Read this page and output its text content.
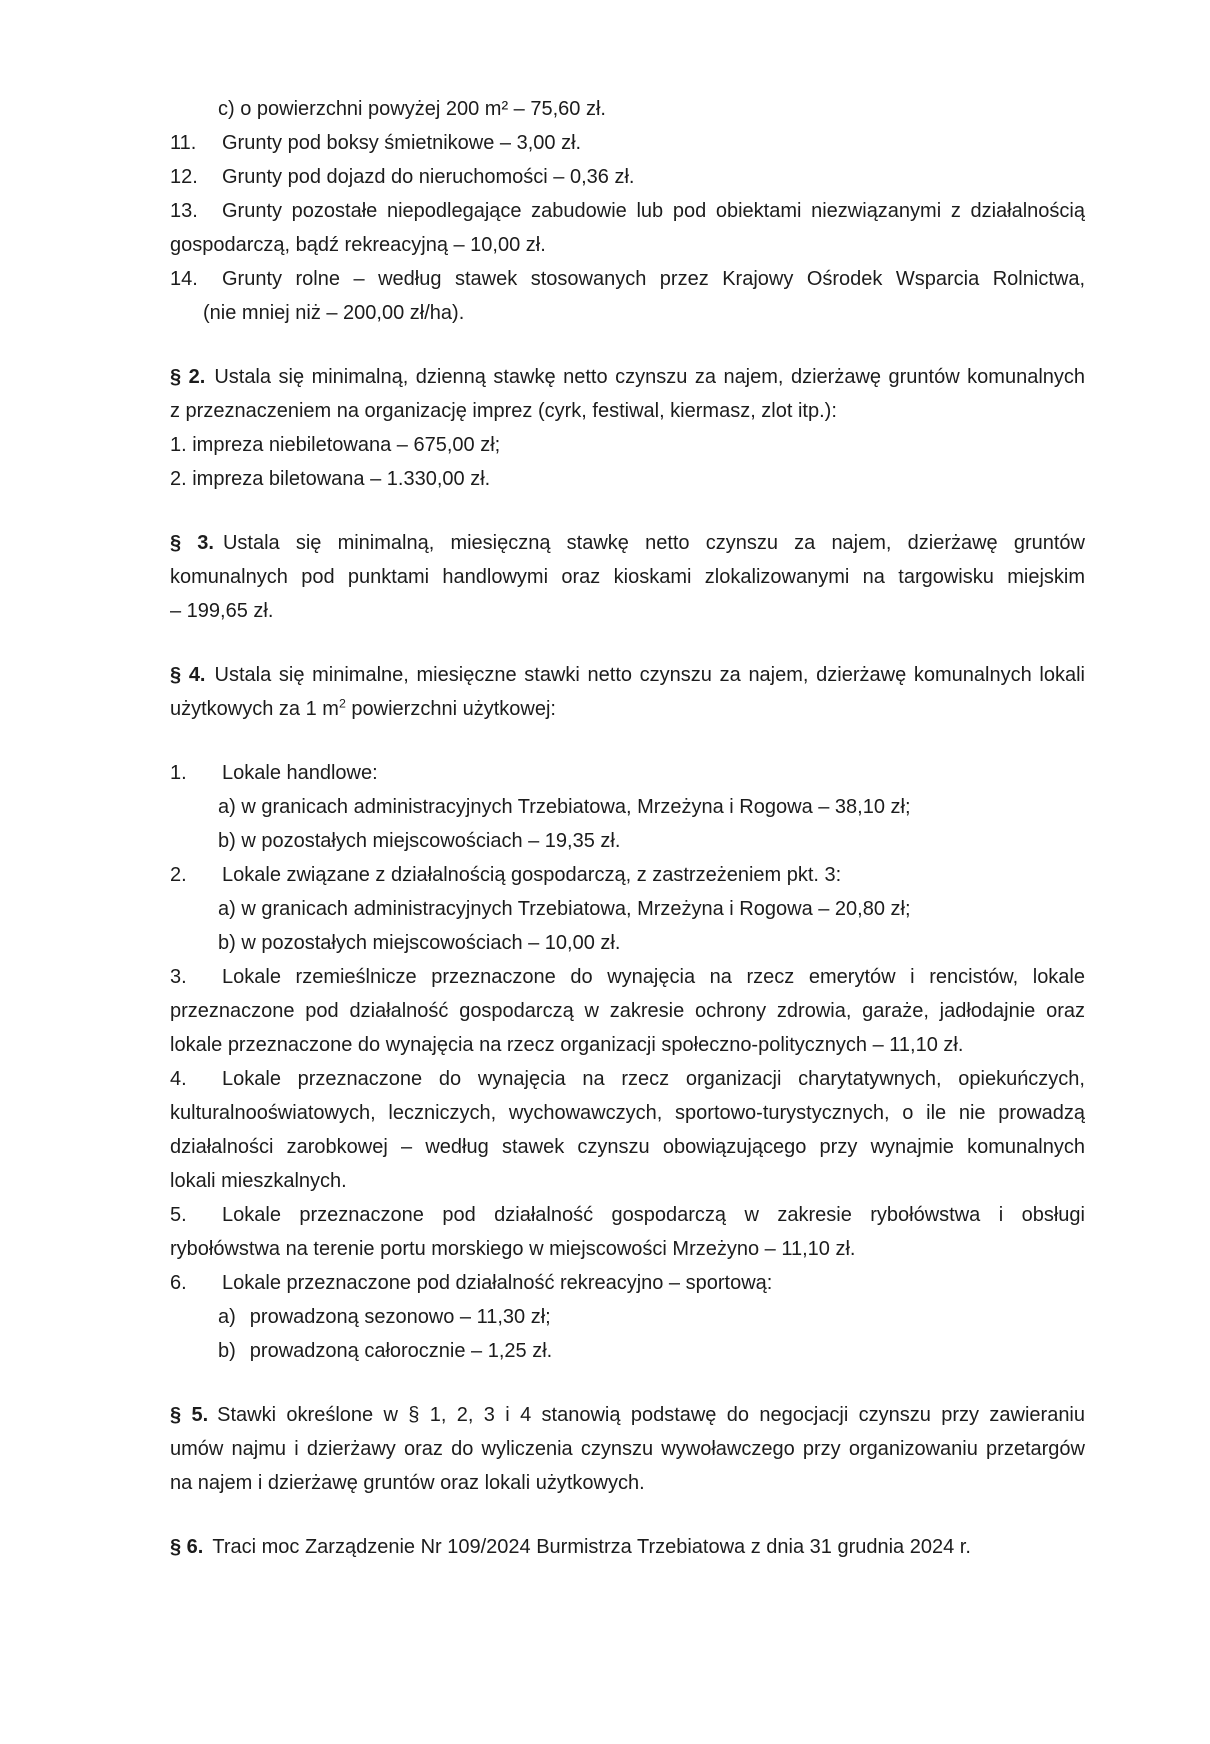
c) o powierzchni powyżej 200 m² – 75,60 zł.
11. Grunty pod boksy śmietnikowe – 3,00 zł.
12. Grunty pod dojazd do nieruchomości – 0,36 zł.
13. Grunty pozostałe niepodlegające zabudowie lub pod obiektami niezwiązanymi z działalnością
gospodarczą, bądź rekreacyjną – 10,00 zł.
14. Grunty rolne – według stawek stosowanych przez Krajowy Ośrodek Wsparcia Rolnictwa,
(nie mniej niż – 200,00 zł/ha).
§ 2. Ustala się minimalną, dzienną stawkę netto czynszu za najem, dzierżawę gruntów komunalnych
z przeznaczeniem na organizację imprez (cyrk, festiwal, kiermasz, zlot itp.):
1. impreza niebiletowana – 675,00 zł;
2. impreza biletowana – 1.330,00 zł.
§ 3. Ustala się minimalną, miesięczną stawkę netto czynszu za najem, dzierżawę gruntów
komunalnych pod punktami handlowymi oraz kioskami zlokalizowanymi na targowisku miejskim
– 199,65 zł.
§ 4. Ustala się minimalne, miesięczne stawki netto czynszu za najem, dzierżawę komunalnych lokali
użytkowych za 1 $m^2$ powierzchni użytkowej:
1. Lokale handlowe:
a) w granicach administracyjnych Trzebiatowa, Mrzeżyna i Rogowa – 38,10 zł;
b) w pozostałych miejscowościach – 19,35 zł.
2. Lokale związane z działalnością gospodarczą, z zastrzeżeniem pkt. 3:
a) w granicach administracyjnych Trzebiatowa, Mrzeżyna i Rogowa – 20,80 zł;
b) w pozostałych miejscowościach – 10,00 zł.
3. Lokale rzemieślnicze przeznaczone do wynajęcia na rzecz emerytów i rencistów, lokale
przeznaczone pod działalność gospodarczą w zakresie ochrony zdrowia, garaże, jadłodajnie oraz
lokale przeznaczone do wynajęcia na rzecz organizacji społeczno-politycznych – 11,10 zł.
4. Lokale przeznaczone do wynajęcia na rzecz organizacji charytatywnych, opiekuńczych,
kulturalnooświatowych, leczniczych, wychowawczych, sportowo-turystycznych, o ile nie prowadzą
działalności zarobkowej – według stawek czynszu obowiązującego przy wynajmie komunalnych
lokali mieszkalnych.
5. Lokale przeznaczone pod działalność gospodarczą w zakresie rybołówstwa i obsługi
rybołówstwa na terenie portu morskiego w miejscowości Mrzeżyno – 11,10 zł.
6. Lokale przeznaczone pod działalność rekreacyjno – sportową:
a) prowadzoną sezonowo – 11,30 zł;
b) prowadzoną całorocznie – 1,25 zł.
§ 5. Stawki określone w § 1, 2, 3 i 4 stanowią podstawę do negocjacji czynszu przy zawieraniu
umów najmu i dzierżawy oraz do wyliczenia czynszu wywoławczego przy organizowaniu przetargów
na najem i dzierżawę gruntów oraz lokali użytkowych.
§ 6. Traci moc Zarządzenie Nr 109/2024 Burmistrza Trzebiatowa z dnia 31 grudnia 2024 r.
